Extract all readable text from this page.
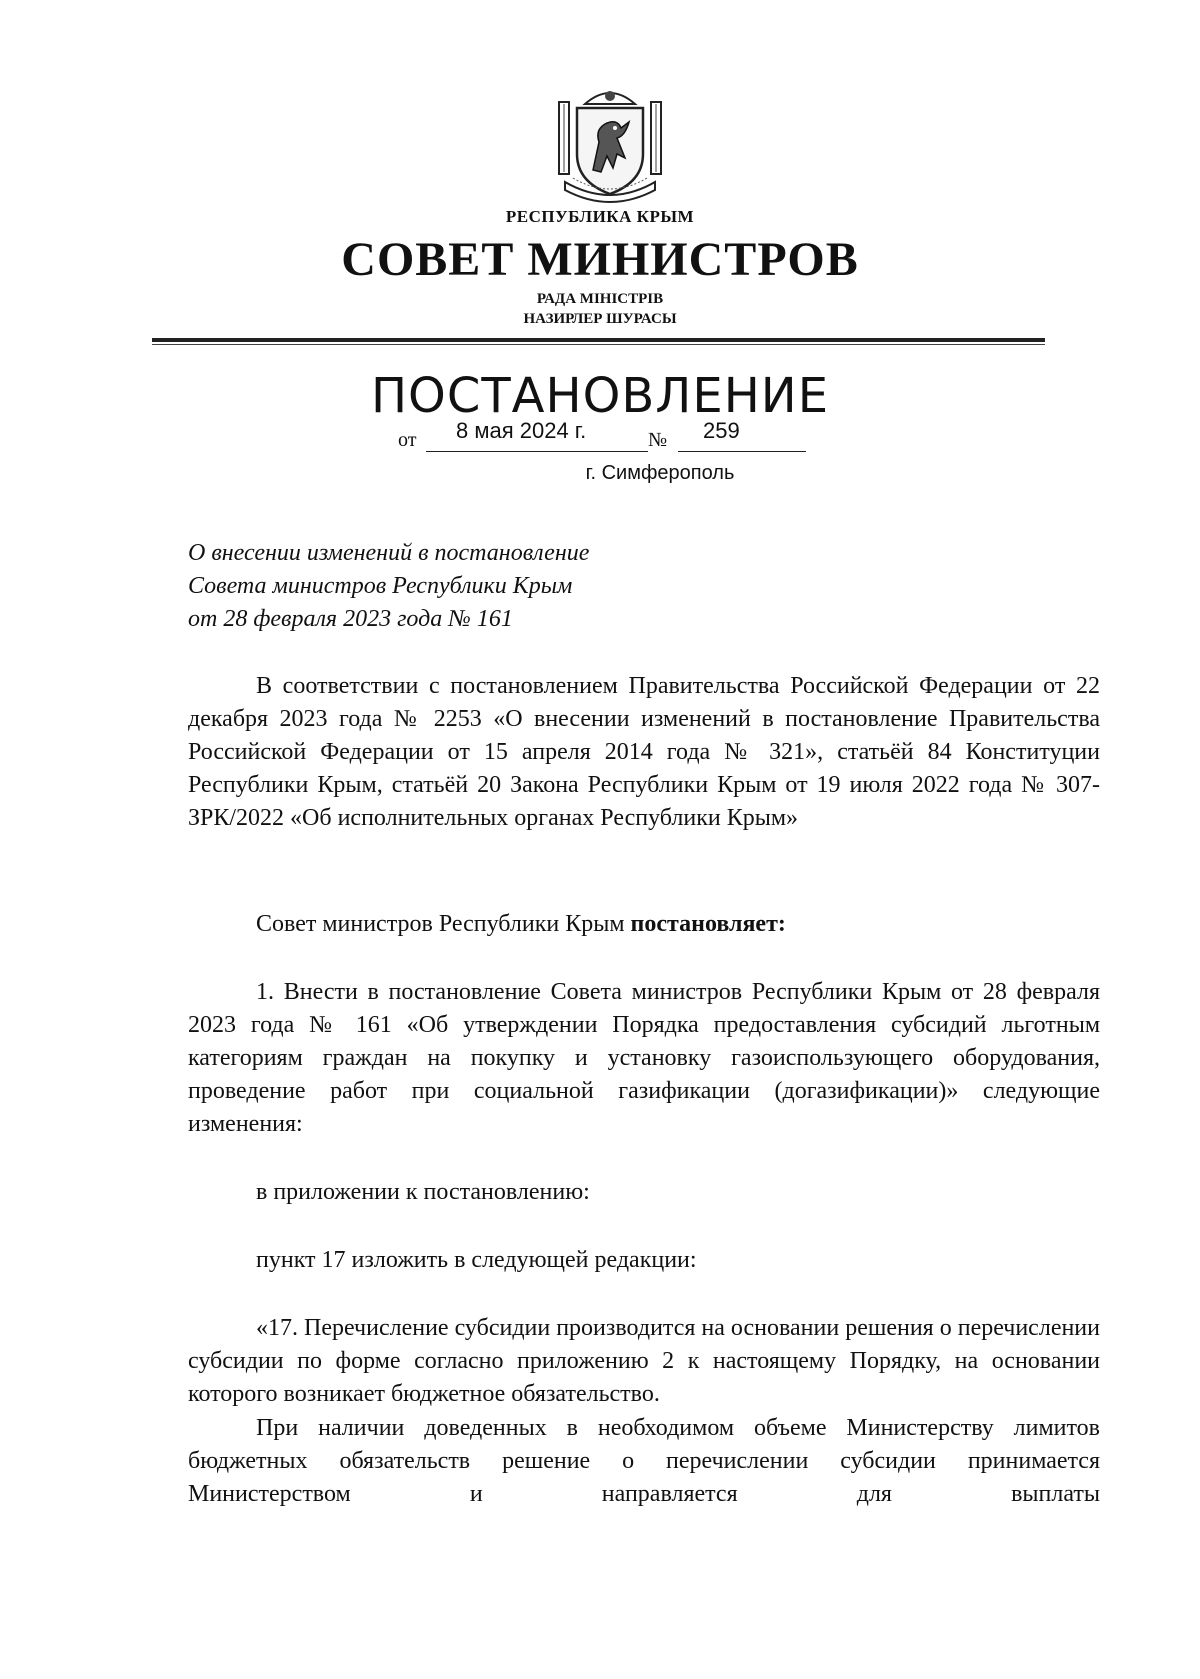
РЕСПУБЛИКА КРЫМ
СОВЕТ МИНИСТРОВ
РАДА МІНІСТРІВ
НАЗИРЛЕР ШУРАСЫ
ПОСТАНОВЛЕНИЕ
от 8 мая 2024 г.	№ 259
г. Симферополь
О внесении изменений в постановление
Совета министров Республики Крым
от 28 февраля 2023 года № 161
В соответствии с постановлением Правительства Российской Федерации от 22 декабря 2023 года № 2253 «О внесении изменений в постановление Правительства Российской Федерации от 15 апреля 2014 года № 321», статьёй 84 Конституции Республики Крым, статьёй 20 Закона Республики Крым от 19 июля 2022 года № 307-ЗРК/2022 «Об исполнительных органах Республики Крым»
Совет министров Республики Крым постановляет:
1. Внести в постановление Совета министров Республики Крым от 28 февраля 2023 года № 161 «Об утверждении Порядка предоставления субсидий льготным категориям граждан на покупку и установку газоиспользующего оборудования, проведение работ при социальной газификации (догазификации)» следующие изменения:
в приложении к постановлению:
пункт 17 изложить в следующей редакции:
«17. Перечисление субсидии производится на основании решения о перечислении субсидии по форме согласно приложению 2 к настоящему Порядку, на основании которого возникает бюджетное обязательство.
При наличии доведенных в необходимом объеме Министерству лимитов бюджетных обязательств решение о перечислении субсидии принимается Министерством и направляется для выплаты
